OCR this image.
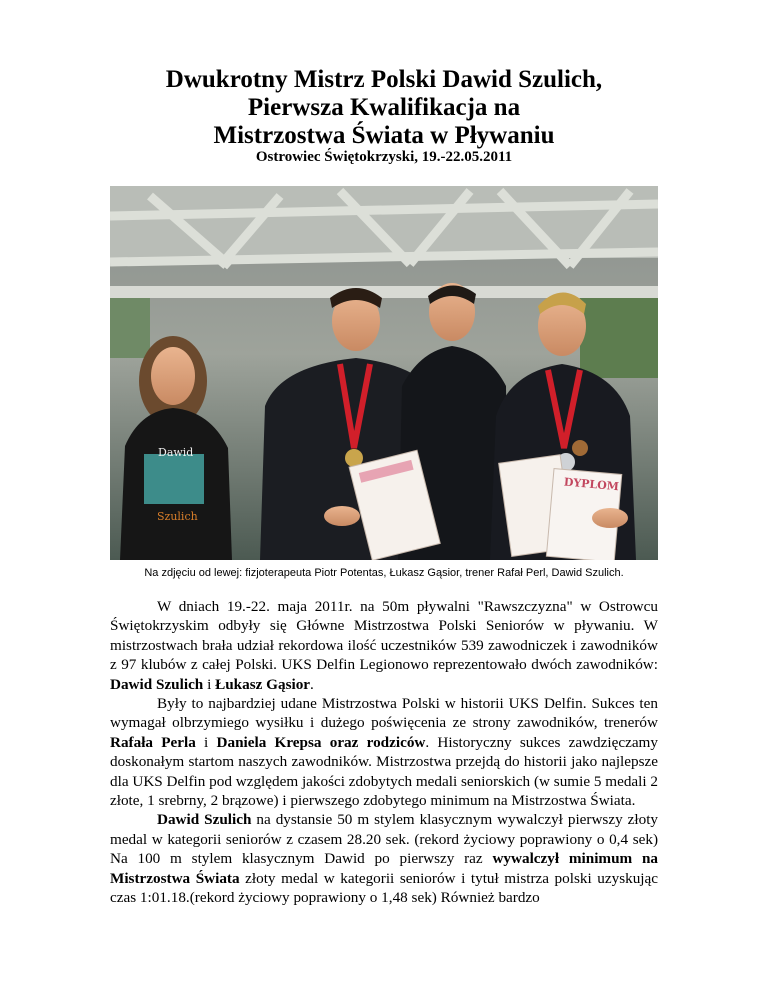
Dwukrotny Mistrz Polski Dawid Szulich,
Pierwsza Kwalifikacja na
Mistrzostwa Świata w Pływaniu
Ostrowiec Świętokrzyski, 19.-22.05.2011
Dawid
Szulich
DYPLOM
Na zdjęciu od lewej: fizjoterapeuta Piotr Potentas, Łukasz Gąsior, trener Rafał Perl, Dawid Szulich.

W dniach 19.-22. maja 2011r. na 50m pływalni "Rawszczyzna" w Ostrowcu Świętokrzyskim odbyły się Główne Mistrzostwa Polski Seniorów w pływaniu. W mistrzostwach brała udział rekordowa ilość uczestników 539 zawodniczek i zawodników z 97 klubów z całej Polski. UKS Delfin Legionowo reprezentowało dwóch zawodników: Dawid Szulich i Łukasz Gąsior.

Były to najbardziej udane Mistrzostwa Polski w historii UKS Delfin. Sukces ten wymagał olbrzymiego wysiłku i dużego poświęcenia ze strony zawodników, trenerów Rafała Perla i Daniela Krepsa oraz rodziców. Historyczny sukces zawdzięczamy doskonałym startom naszych zawodników. Mistrzostwa przejdą do historii jako najlepsze dla UKS Delfin pod względem jakości zdobytych medali seniorskich (w sumie 5 medali 2 złote, 1 srebrny, 2 brązowe) i pierwszego zdobytego minimum na Mistrzostwa Świata.

Dawid Szulich na dystansie 50 m stylem klasycznym wywalczył pierwszy złoty medal w kategorii seniorów z czasem 28.20 sek. (rekord życiowy poprawiony o 0,4 sek) Na 100 m stylem klasycznym Dawid po pierwszy raz wywalczył minimum na Mistrzostwa Świata złoty medal w kategorii seniorów i tytuł mistrza polski uzyskując czas 1:01.18.(rekord życiowy poprawiony o 1,48 sek) Również bardzo
